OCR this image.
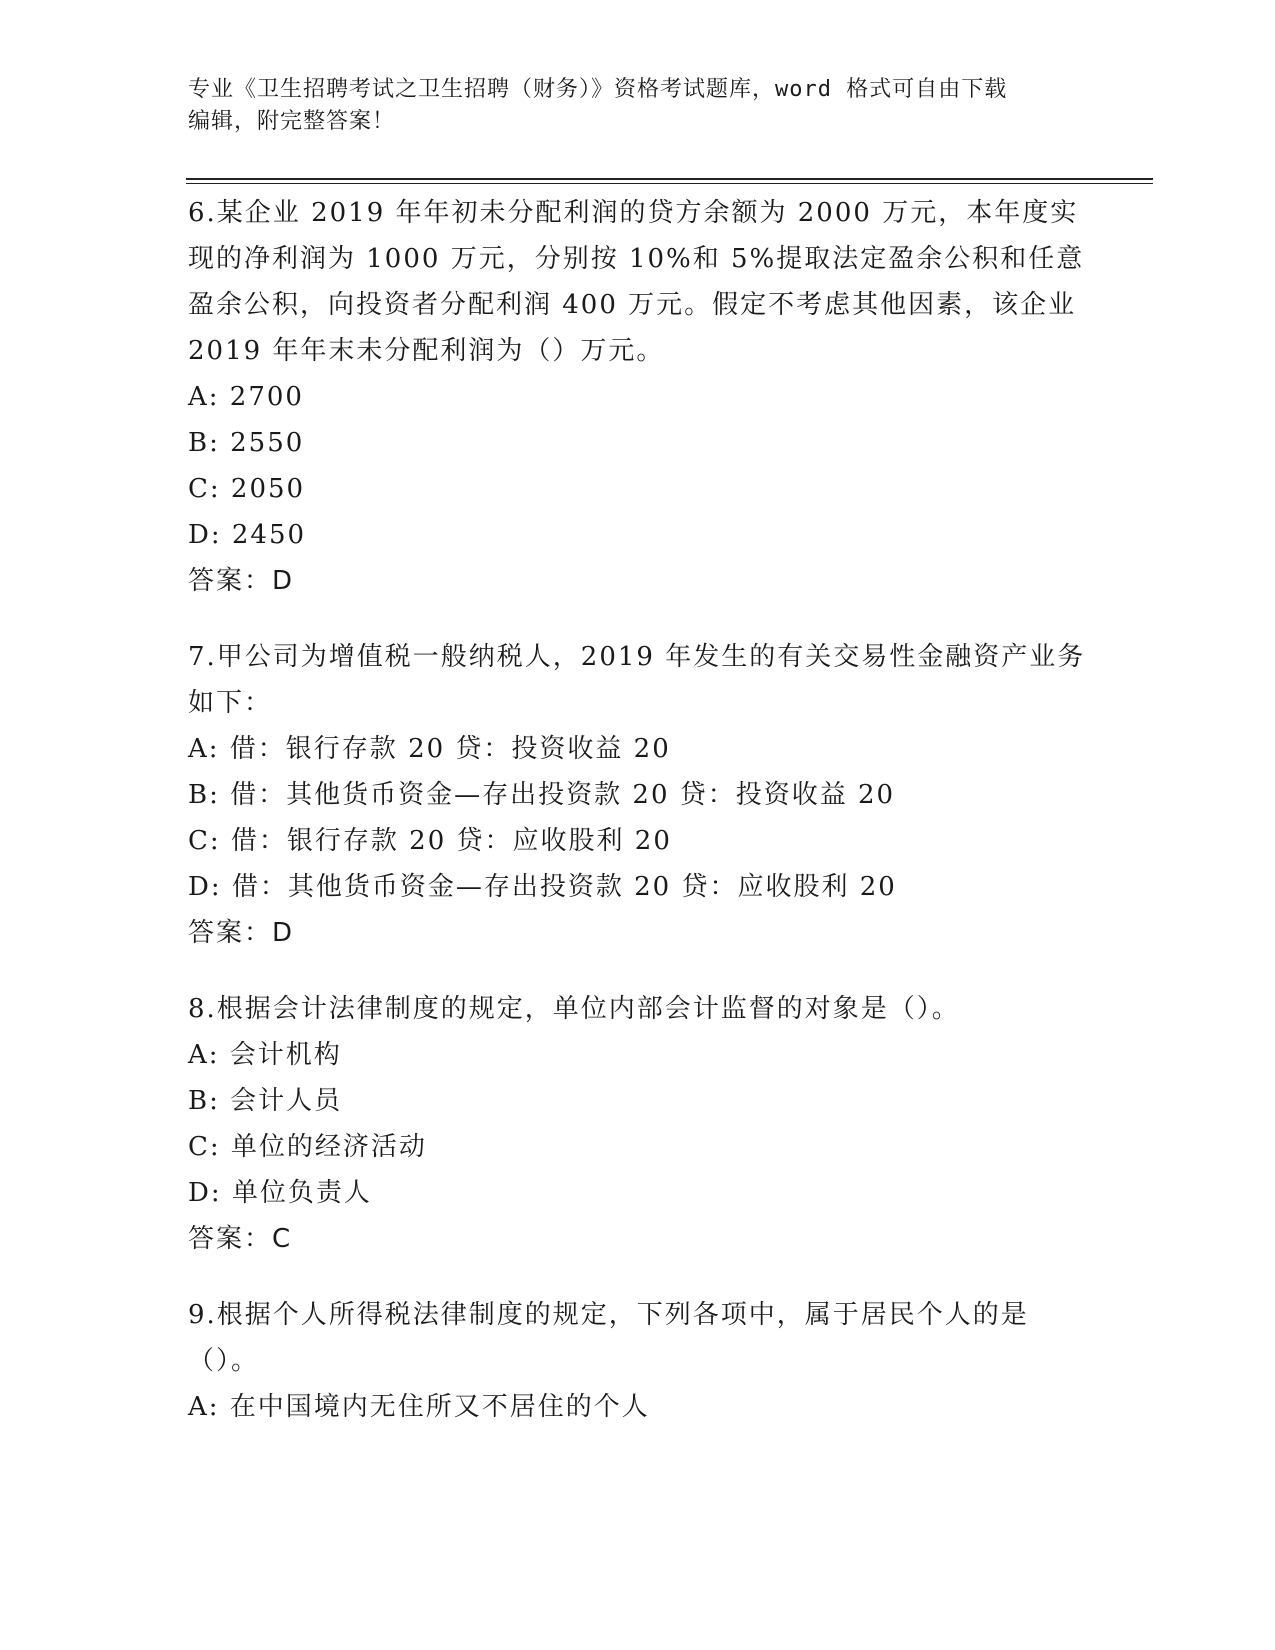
专业《卫生招聘考试之卫生招聘（财务）》资格考试题库，word 格式可自由下载
编辑，附完整答案！
6.某企业 2019 年年初未分配利润的贷方余额为 2000 万元，本年度实现的净利润为 1000 万元，分别按 10%和 5%提取法定盈余公积和任意盈余公积，向投资者分配利润 400 万元。假定不考虑其他因素，该企业 2019 年年末未分配利润为（）万元。
A: 2700
B: 2550
C: 2050
D: 2450
答案：D
7.甲公司为增值税一般纳税人，2019 年发生的有关交易性金融资产业务如下：
A: 借：银行存款 20 贷：投资收益 20
B: 借：其他货币资金—存出投资款 20 贷：投资收益 20
C: 借：银行存款 20 贷：应收股利 20
D: 借：其他货币资金—存出投资款 20 贷：应收股利 20
答案：D
8.根据会计法律制度的规定，单位内部会计监督的对象是（）。
A: 会计机构
B: 会计人员
C: 单位的经济活动
D: 单位负责人
答案：C
9.根据个人所得税法律制度的规定，下列各项中，属于居民个人的是（）。
A: 在中国境内无住所又不居住的个人
